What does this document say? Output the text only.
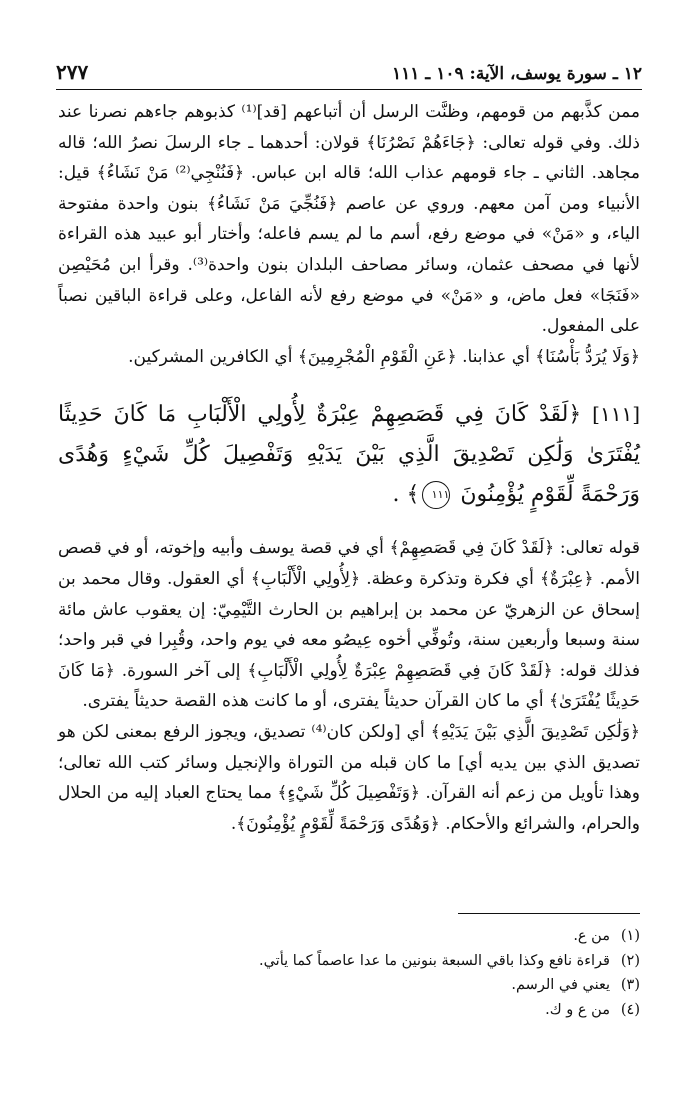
١٢ ـ سورة يوسف، الآية: ١٠٩ ـ ١١١
٢٧٧

ممن كذَّبهم من قومهم، وظنَّت الرسل أن أتباعهم [قد]⁽¹⁾ كذبوهم جاءهم نصرنا عند ذلك. وفي قوله تعالى: ﴿جَاءَهُمْ نَصْرُنَا﴾ قولان: أحدهما ـ جاء الرسلَ نصرُ الله؛ قاله مجاهد. الثاني ـ جاء قومهم عذاب الله؛ قاله ابن عباس. ﴿فَنُنْجِي⁽²⁾ مَنْ نَشَاءُ﴾ قيل: الأنبياء ومن آمن معهم. وروي عن عاصم ﴿فَنُجِّيَ مَنْ نَشَاءُ﴾ بنون واحدة مفتوحة الياء، و «مَنْ» في موضع رفع، أسم ما لم يسم فاعله؛ وأختار أبو عبيد هذه القراءة لأنها في مصحف عثمان، وسائر مصاحف البلدان بنون واحدة⁽³⁾. وقرأ ابن مُحَيْصِن «فَنَجَا» فعل ماض، و «مَنْ» في موضع رفع لأنه الفاعل، وعلى قراءة الباقين نصباً على المفعول.

﴿وَلَا يُرَدُّ بَأْسُنَا﴾ أي عذابنا. ﴿عَنِ الْقَوْمِ الْمُجْرِمِينَ﴾ أي الكافرين المشركين.

[١١١] ﴿لَقَدْ كَانَ فِي قَصَصِهِمْ عِبْرَةٌ لِأُولِي الْأَلْبَابِ مَا كَانَ حَدِيثًا يُفْتَرَىٰ وَلَٰكِن تَصْدِيقَ الَّذِي بَيْنَ يَدَيْهِ وَتَفْصِيلَ كُلِّ شَيْءٍ وَهُدًى وَرَحْمَةً لِّقَوْمٍ يُؤْمِنُونَ ١١١﴾ .

قوله تعالى: ﴿لَقَدْ كَانَ فِي قَصَصِهِمْ﴾ أي في قصة يوسف وأبيه وإخوته، أو في قصص الأمم. ﴿عِبْرَةٌ﴾ أي فكرة وتذكرة وعظة. ﴿لِأُولِي الْأَلْبَابِ﴾ أي العقول. وقال محمد بن إسحاق عن الزهريّ عن محمد بن إبراهيم بن الحارث التَّيْمِيّ: إن يعقوب عاش مائة سنة وسبعا وأربعين سنة، وتُوفِّي أخوه عِيصُو معه في يوم واحد، وقُبِرا في قبر واحد؛ فذلك قوله: ﴿لَقَدْ كَانَ فِي قَصَصِهِمْ عِبْرَةٌ لِأُولِي الْأَلْبَابِ﴾ إلى آخر السورة. ﴿مَا كَانَ حَدِيثًا يُفْتَرَىٰ﴾ أي ما كان القرآن حديثاً يفترى، أو ما كانت هذه القصة حديثاً يفترى.

﴿وَلَٰكِن تَصْدِيقَ الَّذِي بَيْنَ يَدَيْهِ﴾ أي [ولكن كان⁽⁴⁾ تصديق، ويجوز الرفع بمعنى لكن هو تصديق الذي بين يديه أي] ما كان قبله من التوراة والإنجيل وسائر كتب الله تعالى؛ وهذا تأويل من زعم أنه القرآن. ﴿وَتَفْصِيلَ كُلِّ شَيْءٍ﴾ مما يحتاج العباد إليه من الحلال والحرام، والشرائع والأحكام. ﴿وَهُدًى وَرَحْمَةً لِّقَوْمٍ يُؤْمِنُونَ﴾.

(١)
من ع.
(٢)
قراءة نافع وكذا باقي السبعة بنونين ما عدا عاصماً كما يأتي.
(٣)
يعني في الرسم.
(٤)
من ع و ك.
